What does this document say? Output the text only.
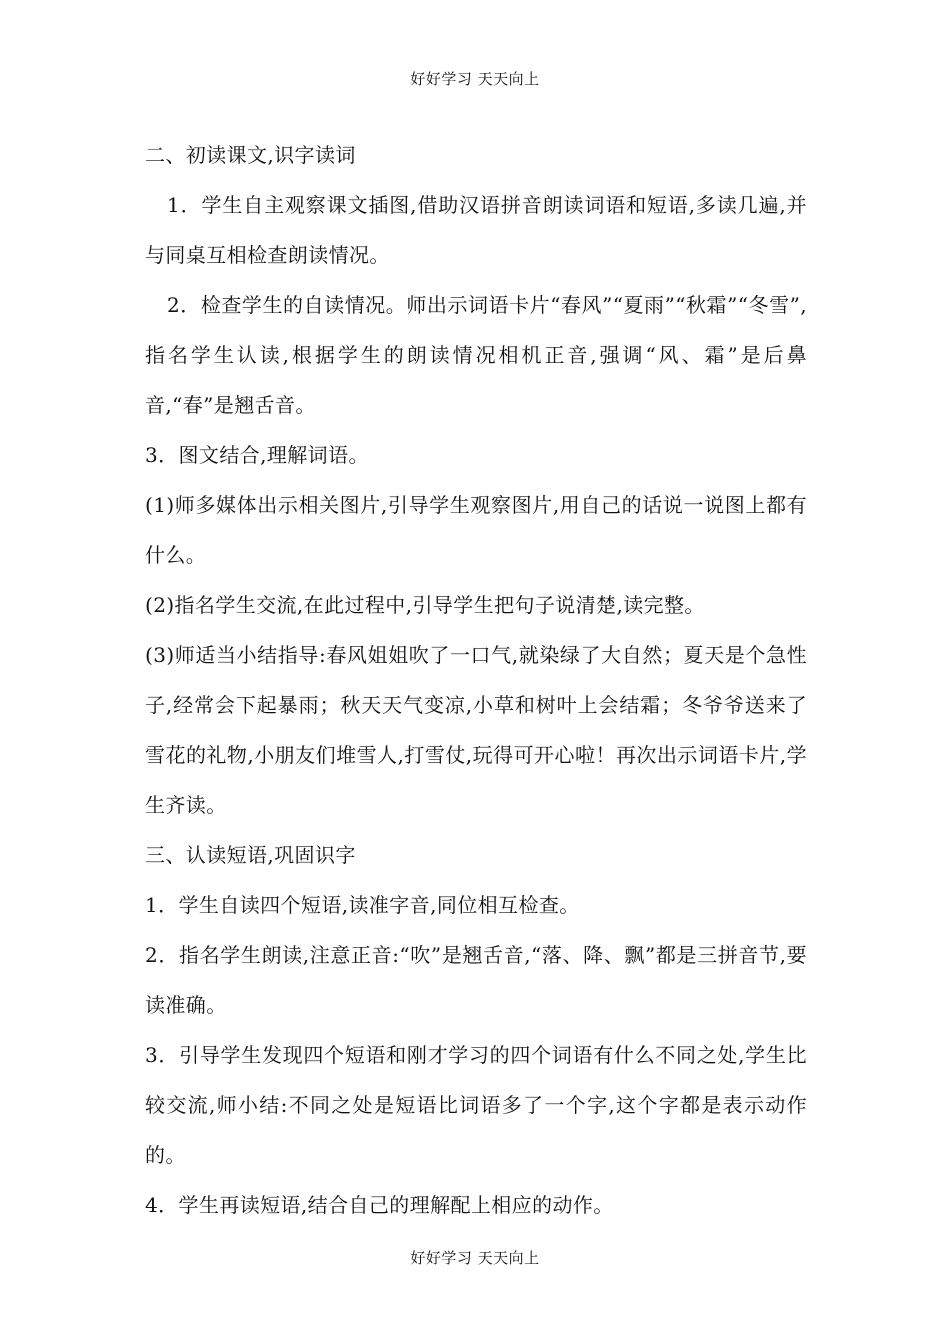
好好学习 天天向上

二、初读课文,识字读词

1．学生自主观察课文插图,借助汉语拼音朗读词语和短语,多读几遍,并与同桌互相检查朗读情况。

2．检查学生的自读情况。师出示词语卡片“春风”“夏雨”“秋霜”“冬雪”,指名学生认读,根据学生的朗读情况相机正音,强调“风、霜”是后鼻音,“春”是翘舌音。

3．图文结合,理解词语。

(1)师多媒体出示相关图片,引导学生观察图片,用自己的话说一说图上都有什么。

(2)指名学生交流,在此过程中,引导学生把句子说清楚,读完整。

(3)师适当小结指导:春风姐姐吹了一口气,就染绿了大自然；夏天是个急性子,经常会下起暴雨；秋天天气变凉,小草和树叶上会结霜；冬爷爷送来了雪花的礼物,小朋友们堆雪人,打雪仗,玩得可开心啦！再次出示词语卡片,学生齐读。

三、认读短语,巩固识字

1．学生自读四个短语,读准字音,同位相互检查。

2．指名学生朗读,注意正音:“吹”是翘舌音,“落、降、飘”都是三拼音节,要读准确。

3．引导学生发现四个短语和刚才学习的四个词语有什么不同之处,学生比较交流,师小结:不同之处是短语比词语多了一个字,这个字都是表示动作的。

4．学生再读短语,结合自己的理解配上相应的动作。

好好学习 天天向上
